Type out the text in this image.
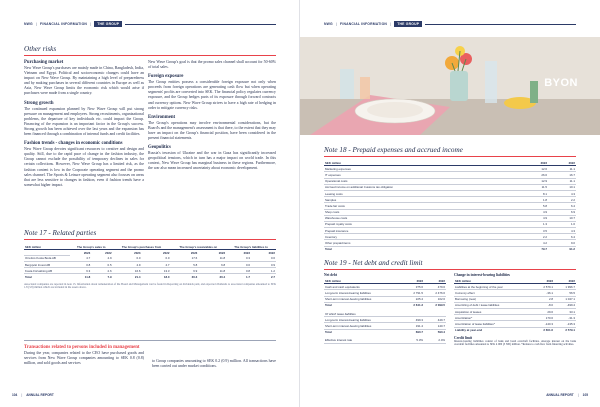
NWG | FINANCIAL INFORMATION |	THE GROUP
Other risks
Purchasing market
New Wave Group's purchases are mainly made in China, Bangladesh, India, Vietnam and Egypt. Political and socioeconomic changes could have an impact on New Wave Group. By maintaining a high level of preparedness and by making purchases in several different countries in Europe as well as Asia, New Wave Group limits the economic risk which would arise if purchases were made from a single country.
Strong growth
The continued expansion planned by New Wave Group will put strong pressure on management and employees. Strong recruitments, organizational problems, the departure of key individuals etc. could impact the Group. Financing of the expansion is an important factor in the Group's success. Strong growth has been achieved over the last years and the expansion has been financed through a combination of internal funds and credit facilities.
Fashion trends - changes in economic conditions
New Wave Group devotes significant resources to creative and design and quality. Still, due to the rapid pace of change in the fashion industry, the Group cannot exclude the possibility of temporary declines in sales for certain collections. However, New Wave Group has a limited risk, as the fashion content is low in the Corporate operating segment and the promo sales channel. The Sports & Leisure operating segment also focuses on areas that are less sensitive to changes in fashion, even if fashion trends have a somewhat higher impact.
New Wave Group's goal is that the promo sales channel shall account for 50-60% of total sales.
Foreign exposure
The Group entities possess a considerable foreign exposure not only when proceeds from foreign operations are generating cash flow but when operating segments' profits are converted into SEK. The financial policy regulates currency exposure, and the Group hedges parts of its exposure through forward contracts and currency options. New Wave Group strives to have a high rate of hedging in order to mitigate currency risks.
Environment
The Group's operations may involve environmental considerations, but the Board's and the management's assessment is that there, to the extent that they may have an impact on the Group's financial position, have been considered in the present financial statements.
Geopolitics
Russia's invasion of Ukraine and the war in Gaza has significantly increased geopolitical tensions, which in turn has a major impact on world trade. In this context, New Wave Group has marginal business in these regions. Furthermore, the war also mean increased uncertainty about economic development.
Note 17 - Related parties
SEK million	The Group's sales to		The Group's purchases from		The Group's receivables on		The Group's liabilities to	
	2023	2022	2023	2022	2023	2022	2023	2022
Orrefors Kosta Boda AB	4.7	4.9	0.0	0.0	17.6	11.8	0.3	0.6
Bergqvist Invest AB	0.8	0.5	4.9	4.7	5.8	6.8	0.6	0.9
Kosta Förvaltning AB	6.3	2.6	16.6	13.3	6.9	11.8	0.8	1.2
Total	11.8	7.9	21.4	18.0	30.3	30.4	1.7	2.7
Associated companies are reported in note 13. Information about remuneration of the Board and Management can be found in Reporting on dividends paid, and expected dividends to associated companies amounted to SEK 1.8 (3.8) million which are included in the assets above.
Transactions related to persons included in management
During the year, companies related to the CEO have purchased goods and services from New Wave Group companies amounting to SEK 0.8 (0.8) million, and sold goods and services
to Group companies amounting to SEK 0.2 (0.9) million. All transactions have been carried out under market conditions.
104 | ANNUAL REPORT
NWG | FINANCIAL INFORMATION |	THE GROUP
BYON
Note 18 - Prepaid expenses and accrued income
SEK million	2023	2022
Marketing expenses	12.6	11.1
IT expenses	26.6	16.7
Operational costs	12.9	11.1
Accrued income on additional Customs tax obligation	11.5	10.1
Leasing costs	8.1	4.3
Samples	1.8	2.2
Trade fair costs	5.8	6.4
Shop costs	4.9	6.9
Warehouse costs	4.9	10.7
Prepaid royalty costs	1.3	1.6
Prepaid insurance	3.5	4.3
Inventory	2.2	6.4
Other prepaid items	4.2	9.0
Total	79.7	91.2
Note 19 - Net debt and credit limit
Net debt
SEK million	2023	2022
Cash and cash equivalents	375.6	479.6
Long-term interest-bearing liabilities	2 791.5	2 476.6
Short-term interest-bearing liabilities	225.4	102.6
Total	2 641.3	2 099.5

Of which lease liabilities		
Long-term interest-bearing liabilities	499.3	449.7
Short-term interest-bearing liabilities	191.4	140.7
Total	690.7	590.4

Effective interest rate	5.3%	2.4%
Change in interest-bearing liabilities
SEK million	2023	2022
Liabilities at the beginning of the year	2 579.1	1 996.7
Currency effect	-36.1	56.5
Borrowing (new)	2.8	1 047.1
Amortizing of debt / lease liabilities	-8.0	-499.4
Acquisition of leases	29.6	33.1
Amortization*	170.6	-31.3
Amortization of lease liabilities*	-140.3	-135.3
Liability at year-end	2 601.6	2 579.1
Credit limit
Interest-bearing liabilities consist of bank and bond overdraft facilities. Average interest on the bank overdraft facilities amounted to SEK 4 000 (3 500) million. *Relates to cash flow from financing activities.
ANNUAL REPORT | 105
